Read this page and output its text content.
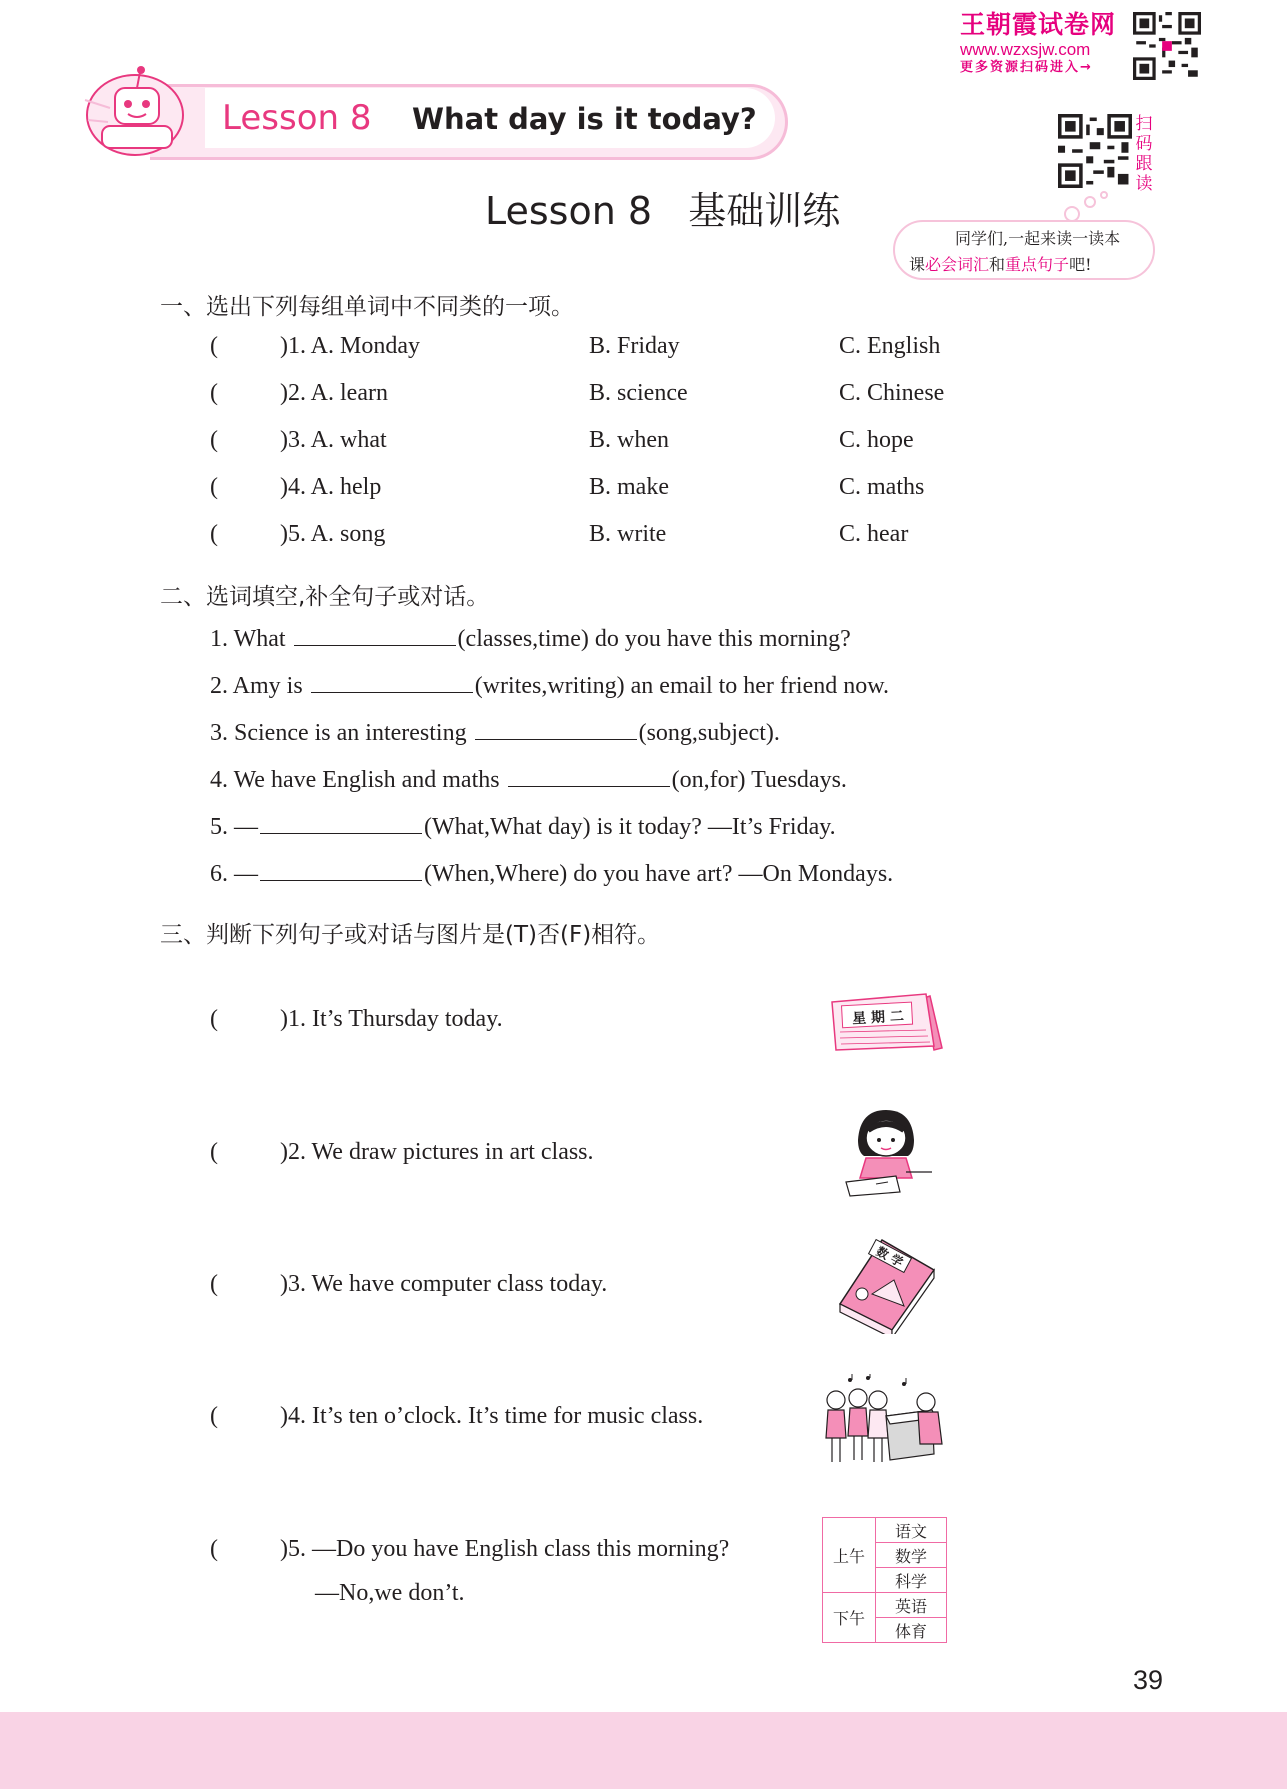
王朝霞试卷网
www.wzxsjw.com
更多资源扫码进入→
扫码跟读
Lesson 8 What day is it today?
Lesson 8   基础训练
同学们,一起来读一读本
课必会词汇和重点句子吧!
一、选出下列每组单词中不同类的一项。
(	)1. A. Monday	B. Friday	C. English
(	)2. A. learn	B. science	C. Chinese
(	)3. A. what	B. when	C. hope
(	)4. A. help	B. make	C. maths
(	)5. A. song	B. write	C. hear
二、选词填空,补全句子或对话。
1. What	(classes,time) do you have this morning?
2. Amy is	(writes,writing) an email to her friend now.
3. Science is an interesting	(song,subject).
4. We have English and maths	(on,for) Tuesdays.
5. —	(What,What day) is it today? —It’s Friday.
6. —	(When,Where) do you have art? —On Mondays.
三、判断下列句子或对话与图片是(T)否(F)相符。
(	)1. It’s Thursday today.
(	)2. We draw pictures in art class.
(	)3. We have computer class today.
(	)4. It’s ten o’clock. It’s time for music class.
(	)5. —Do you have English class this morning?
—No,we don’t.
星 期 二
数 学
上午	语文
	数学
	科学
下午	英语
	体育
39
